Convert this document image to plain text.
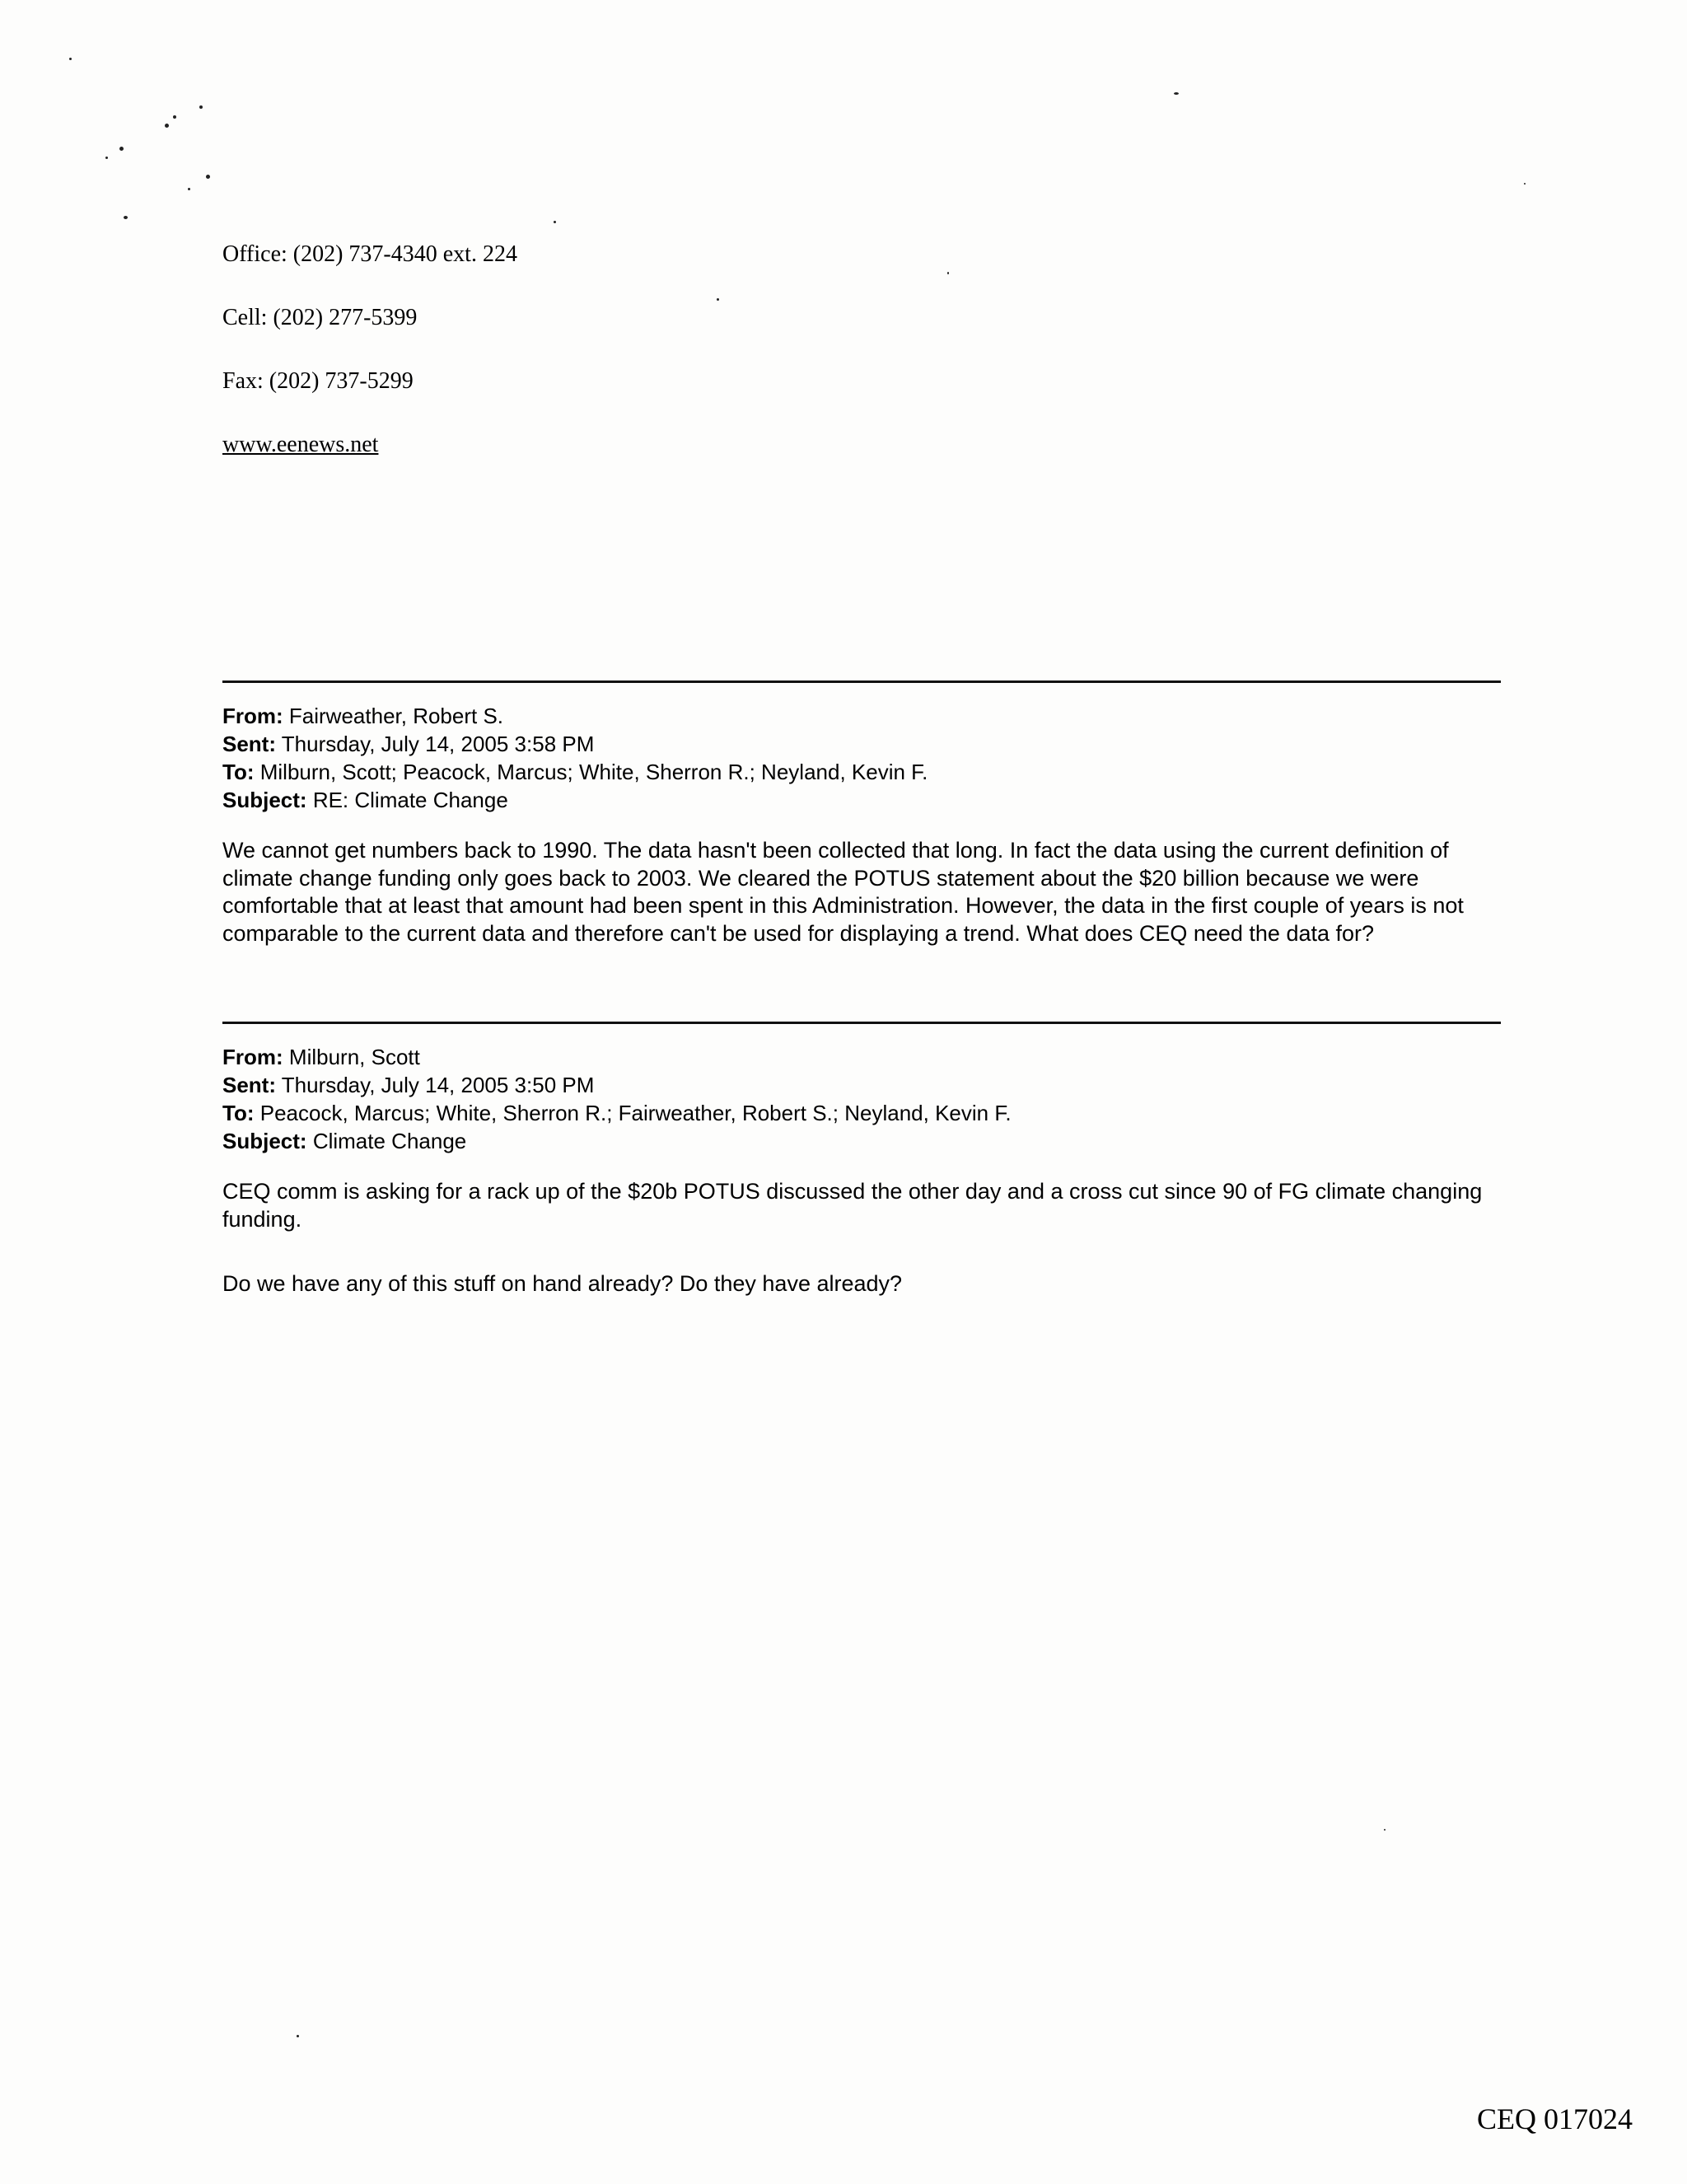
Office: (202) 737-4340 ext. 224
Cell: (202) 277-5399
Fax: (202) 737-5299
www.eenews.net
From: Fairweather, Robert S.
Sent: Thursday, July 14, 2005 3:58 PM
To: Milburn, Scott; Peacock, Marcus; White, Sherron R.; Neyland, Kevin F.
Subject: RE: Climate Change
We cannot get numbers back to 1990. The data hasn't been collected that long. In fact the data using the current definition of climate change funding only goes back to 2003. We cleared the POTUS statement about the $20 billion because we were comfortable that at least that amount had been spent in this Administration. However, the data in the first couple of years is not comparable to the current data and therefore can't be used for displaying a trend. What does CEQ need the data for?
From: Milburn, Scott
Sent: Thursday, July 14, 2005 3:50 PM
To: Peacock, Marcus; White, Sherron R.; Fairweather, Robert S.; Neyland, Kevin F.
Subject: Climate Change
CEQ comm is asking for a rack up of the $20b POTUS discussed the other day and a cross cut since 90 of FG climate changing funding.
Do we have any of this stuff on hand already? Do they have already?
CEQ 017024
